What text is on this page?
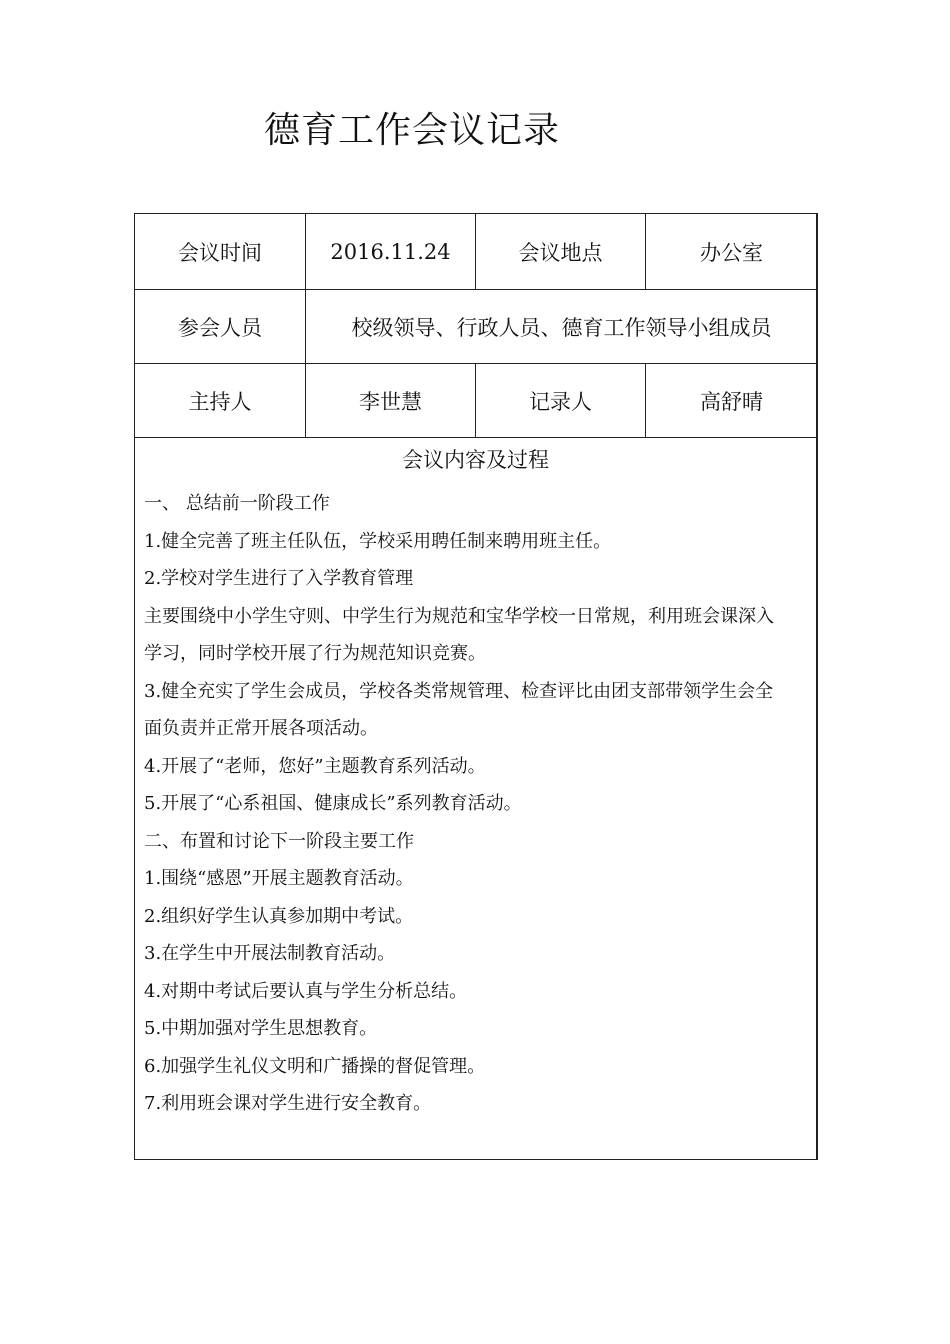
德育工作会议记录
会议时间	2016.11.24	会议地点	办公室
参会人员	校级领导、行政人员、德育工作领导小组成员
主持人	李世慧	记录人	高舒晴
会议内容及过程
一、 总结前一阶段工作
1.健全完善了班主任队伍，学校采用聘任制来聘用班主任。
2.学校对学生进行了入学教育管理
主要围绕中小学生守则、中学生行为规范和宝华学校一日常规，利用班会课深入
学习，同时学校开展了行为规范知识竞赛。
3.健全充实了学生会成员，学校各类常规管理、检查评比由团支部带领学生会全
面负责并正常开展各项活动。
4.开展了“老师，您好”主题教育系列活动。
5.开展了“心系祖国、健康成长”系列教育活动。
二、布置和讨论下一阶段主要工作
1.围绕“感恩”开展主题教育活动。
2.组织好学生认真参加期中考试。
3.在学生中开展法制教育活动。
4.对期中考试后要认真与学生分析总结。
5.中期加强对学生思想教育。
6.加强学生礼仪文明和广播操的督促管理。
7.利用班会课对学生进行安全教育。
